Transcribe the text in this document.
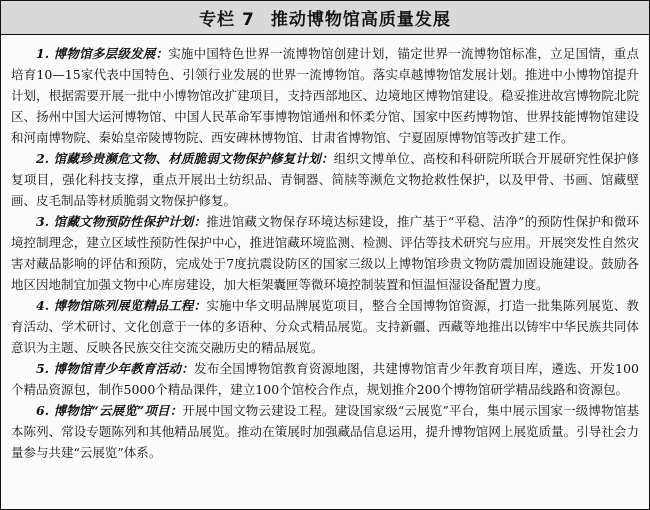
专栏 7 推动博物馆高质量发展

1. 博物馆多层级发展：实施中国特色世界一流博物馆创建计划，锚定世界一流博物馆标准，立足国情，重点培育10—15家代表中国特色、引领行业发展的世界一流博物馆。落实卓越博物馆发展计划。推进中小博物馆提升计划，根据需要开展一批中小博物馆改扩建项目，支持西部地区、边境地区博物馆建设。稳妥推进故宫博物院北院区、扬州中国大运河博物馆、中国人民革命军事博物馆通州和怀柔分馆、国家中医药博物馆、世界技能博物馆建设和河南博物院、秦始皇帝陵博物院、西安碑林博物馆、甘肃省博物馆、宁夏固原博物馆等改扩建工作。

2. 馆藏珍贵濒危文物、材质脆弱文物保护修复计划：组织文博单位、高校和科研院所联合开展研究性保护修复项目，强化科技支撑，重点开展出土纺织品、青铜器、简牍等濒危文物抢救性保护，以及甲骨、书画、馆藏壁画、皮毛制品等材质脆弱文物保护修复。

3. 馆藏文物预防性保护计划：推进馆藏文物保存环境达标建设，推广基于“平稳、洁净”的预防性保护和微环境控制理念，建立区域性预防性保护中心，推进馆藏环境监测、检测、评估等技术研究与应用。开展突发性自然灾害对藏品影响的评估和预防，完成处于7度抗震设防区的国家三级以上博物馆珍贵文物防震加固设施建设。鼓励各地区因地制宜加强文物中心库房建设，加大柜架囊匣等微环境控制装置和恒温恒湿设备配置力度。

4. 博物馆陈列展览精品工程：实施中华文明品牌展览项目，整合全国博物馆资源，打造一批集陈列展览、教育活动、学术研讨、文化创意于一体的多语种、分众式精品展览。支持新疆、西藏等地推出以铸牢中华民族共同体意识为主题、反映各民族交往交流交融历史的精品展览。

5. 博物馆青少年教育活动：发布全国博物馆教育资源地图，共建博物馆青少年教育项目库，遴选、开发100个精品资源包，制作5000个精品课件，建立100个馆校合作点，规划推介200个博物馆研学精品线路和资源包。

6. 博物馆“云展览”项目：开展中国文物云建设工程。建设国家级“云展览”平台，集中展示国家一级博物馆基本陈列、常设专题陈列和其他精品展览。推动在策展时加强藏品信息运用，提升博物馆网上展览质量。引导社会力量参与共建“云展览”体系。
